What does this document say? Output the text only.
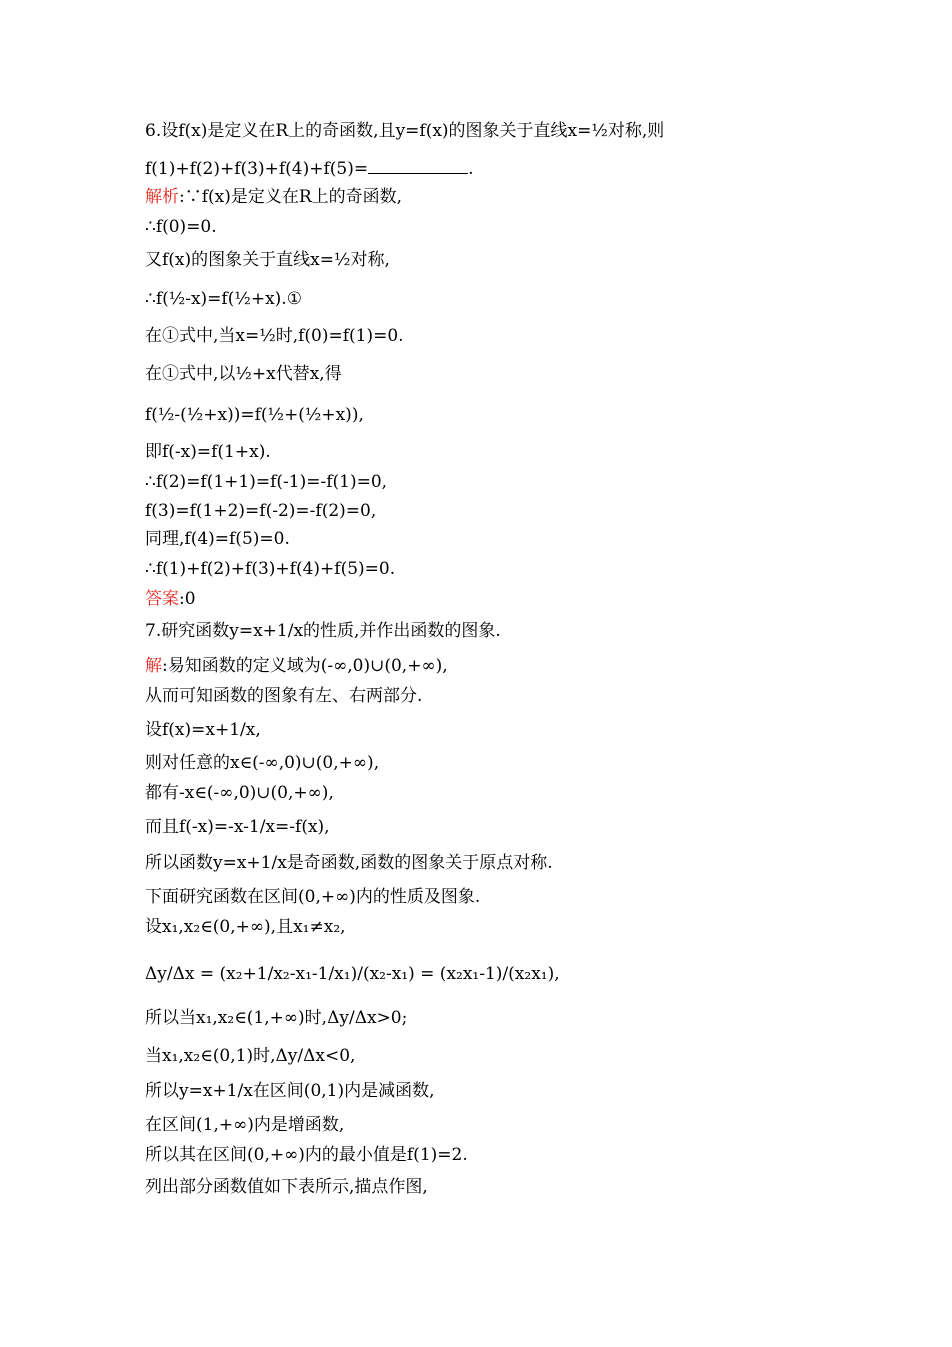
6.设f(x)是定义在R上的奇函数,且y=f(x)的图象关于直线x=½对称,则
f(1)+f(2)+f(3)+f(4)+f(5)=	.
解析:∵f(x)是定义在R上的奇函数,
∴f(0)=0.
又f(x)的图象关于直线x=½对称,
∴f(½-x)=f(½+x).①
在①式中,当x=½时,f(0)=f(1)=0.
在①式中,以½+x代替x,得
f(½-(½+x))=f(½+(½+x)),
即f(-x)=f(1+x).
∴f(2)=f(1+1)=f(-1)=-f(1)=0,
f(3)=f(1+2)=f(-2)=-f(2)=0,
同理,f(4)=f(5)=0.
∴f(1)+f(2)+f(3)+f(4)+f(5)=0.
答案:0
7.研究函数y=x+1/x的性质,并作出函数的图象.
解:易知函数的定义域为(-∞,0)∪(0,+∞),
从而可知函数的图象有左、右两部分.
设f(x)=x+1/x,
则对任意的x∈(-∞,0)∪(0,+∞),
都有-x∈(-∞,0)∪(0,+∞),
而且f(-x)=-x-1/x=-f(x),
所以函数y=x+1/x是奇函数,函数的图象关于原点对称.
下面研究函数在区间(0,+∞)内的性质及图象.
设x₁,x₂∈(0,+∞),且x₁≠x₂,
Δy/Δx = (x₂+1/x₂-x₁-1/x₁)/(x₂-x₁) = (x₂x₁-1)/(x₂x₁),
所以当x₁,x₂∈(1,+∞)时,Δy/Δx>0;
当x₁,x₂∈(0,1)时,Δy/Δx<0,
所以y=x+1/x在区间(0,1)内是减函数,
在区间(1,+∞)内是增函数,
所以其在区间(0,+∞)内的最小值是f(1)=2.
列出部分函数值如下表所示,描点作图,
